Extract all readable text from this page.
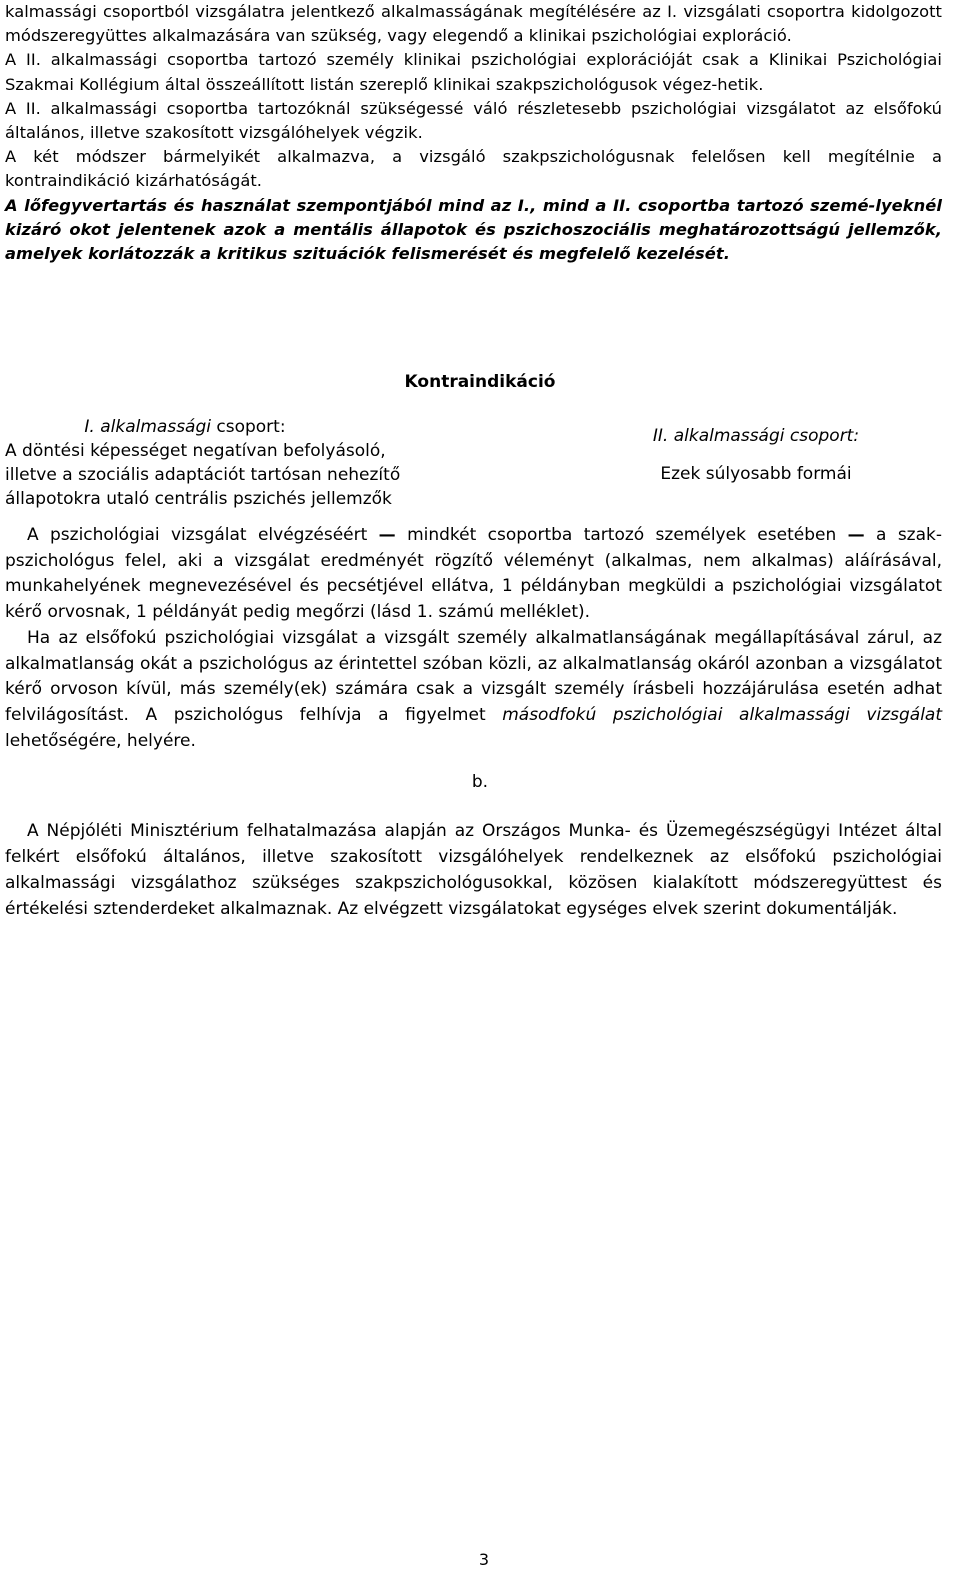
kalmassági csoportból vizsgálatra jelentkező alkalmasságának megítélésére az I. vizsgálati csoportra kidolgozott módszeregyüttes alkalmazására van szükség, vagy elegendő a klinikai pszichológiai exploráció.

A II. alkalmassági csoportba tartozó személy klinikai pszichológiai explorációját csak a Klinikai Pszichológiai Szakmai Kollégium által összeállított listán szereplő klinikai szakpszichológusok végez-hetik.

A II. alkalmassági csoportba tartozóknál szükségessé váló részletesebb pszichológiai vizsgálatot az elsőfokú általános, illetve szakosított vizsgálóhelyek végzik.

A két módszer bármelyikét alkalmazva, a vizsgáló szakpszichológusnak felelősen kell megítélnie a kontraindikáció kizárhatóságát.

A lőfegyvertartás és használat szempontjából mind az I., mind a II. csoportba tartozó szemé-lyeknél kizáró okot jelentenek azok a mentális állapotok és pszichoszociális meghatározottságú jellemzők, amelyek korlátozzák a kritikus szituációk felismerését és megfelelő kezelését.

Kontraindikáció
I. alkalmassági csoport:
A döntési képességet negatívan befolyásoló,
illetve a szociális adaptációt tartósan nehezítő
állapotokra utaló centrális pszichés jellemzők
II. alkalmassági csoport:
Ezek súlyosabb formái

A pszichológiai vizsgálat elvégzéséért — mindkét csoportba tartozó személyek esetében — a szak-pszichológus felel, aki a vizsgálat eredményét rögzítő véleményt (alkalmas, nem alkalmas) aláírásával, munkahelyének megnevezésével és pecsétjével ellátva, 1 példányban megküldi a pszichológiai vizsgálatot kérő orvosnak, 1 példányát pedig megőrzi (lásd 1. számú melléklet).

Ha az elsőfokú pszichológiai vizsgálat a vizsgált személy alkalmatlanságának megállapításával zárul, az alkalmatlanság okát a pszichológus az érintettel szóban közli, az alkalmatlanság okáról azonban a vizsgálatot kérő orvoson kívül, más személy(ek) számára csak a vizsgált személy írásbeli hozzájárulása esetén adhat felvilágosítást. A pszichológus felhívja a figyelmet másodfokú pszichológiai alkalmassági vizsgálat lehetőségére, helyére.

b.

A Népjóléti Minisztérium felhatalmazása alapján az Országos Munka- és Üzemegészségügyi Intézet által felkért elsőfokú általános, illetve szakosított vizsgálóhelyek rendelkeznek az elsőfokú pszichológiai alkalmassági vizsgálathoz szükséges szakpszichológusokkal, közösen kialakított módszeregyüttest és értékelési sztenderdeket alkalmaznak. Az elvégzett vizsgálatokat egységes elvek szerint dokumentálják.

3
